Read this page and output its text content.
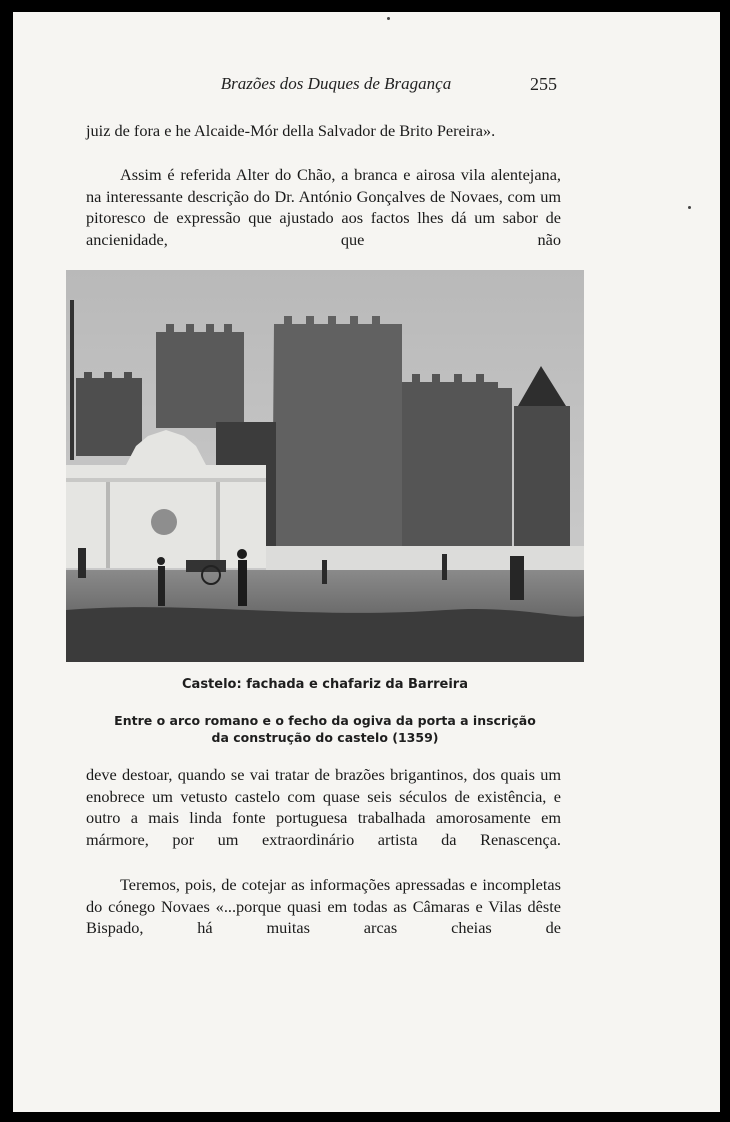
Brazões dos Duques de Bragança	255

juiz de fora e he Alcaide-Mór della Salvador de Brito Pereira».

Assim é referida Alter do Chão, a branca e airosa vila alentejana, na interessante descrição do Dr. António Gonçalves de Novaes, com um pitoresco de expressão que ajustado aos factos lhes dá um sabor de ancienidade, que não

Castelo: fachada e chafariz da Barreira

Entre o arco romano e o fecho da ogiva da porta a inscrição
da construção do castelo (1359)

deve destoar, quando se vai tratar de brazões brigantinos, dos quais um enobrece um vetusto castelo com quase seis séculos de existência, e outro a mais linda fonte portuguesa trabalhada amorosamente em mármore, por um extraordinário artista da Renascença.

Teremos, pois, de cotejar as informações apressadas e incompletas do cónego Novaes «...porque quasi em todas as Câmaras e Vilas dêste Bispado, há muitas arcas cheias de
